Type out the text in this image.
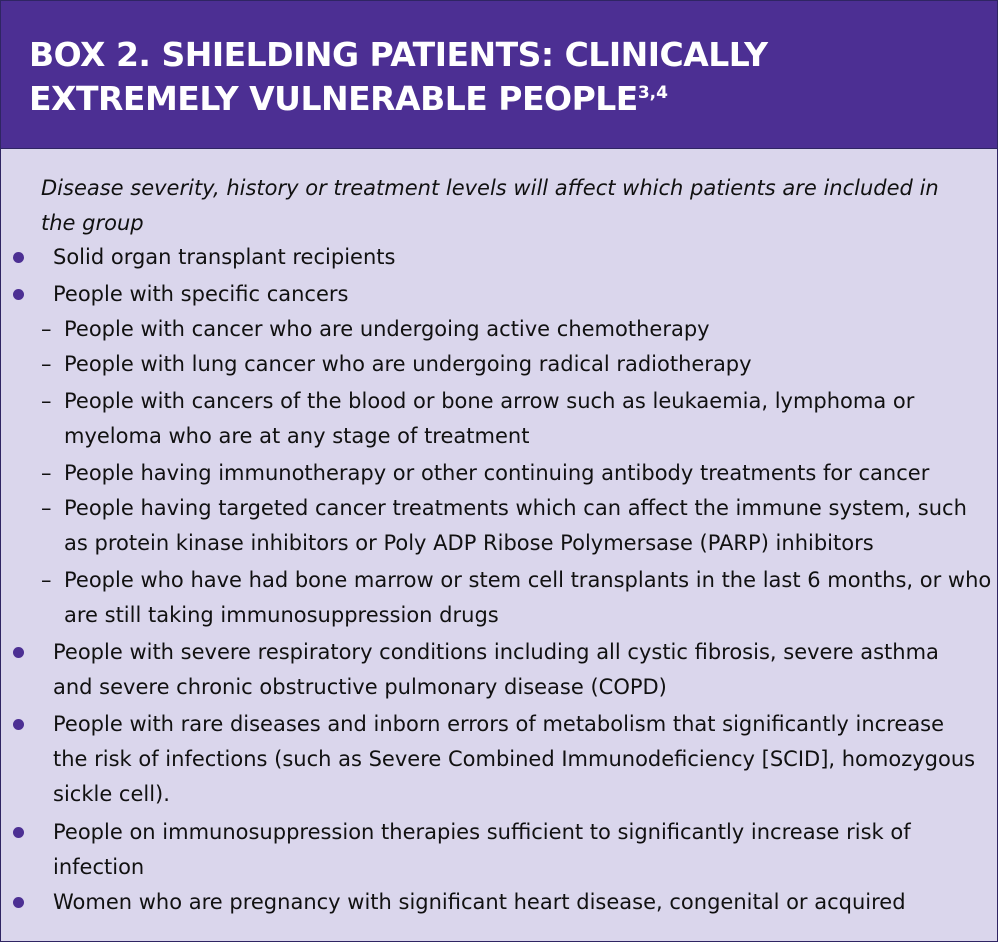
BOX 2. SHIELDING PATIENTS: CLINICALLY EXTREMELY VULNERABLE PEOPLE$^{3,4}$

Disease severity, history or treatment levels will affect which patients are included in the group

Solid organ transplant recipients

People with specific cancers

– People with cancer who are undergoing active chemotherapy

– People with lung cancer who are undergoing radical radiotherapy

– People with cancers of the blood or bone arrow such as leukaemia, lymphoma or myeloma who are at any stage of treatment

– People having immunotherapy or other continuing antibody treatments for cancer

– People having targeted cancer treatments which can affect the immune system, such as protein kinase inhibitors or Poly ADP Ribose Polymersase (PARP) inhibitors

– People who have had bone marrow or stem cell transplants in the last 6 months, or who are still taking immunosuppression drugs

People with severe respiratory conditions including all cystic fibrosis, severe asthma and severe chronic obstructive pulmonary disease (COPD)

People with rare diseases and inborn errors of metabolism that significantly increase the risk of infections (such as Severe Combined Immunodeficiency [SCID], homozygous sickle cell).

People on immunosuppression therapies sufficient to significantly increase risk of infection

Women who are pregnancy with significant heart disease, congenital or acquired
